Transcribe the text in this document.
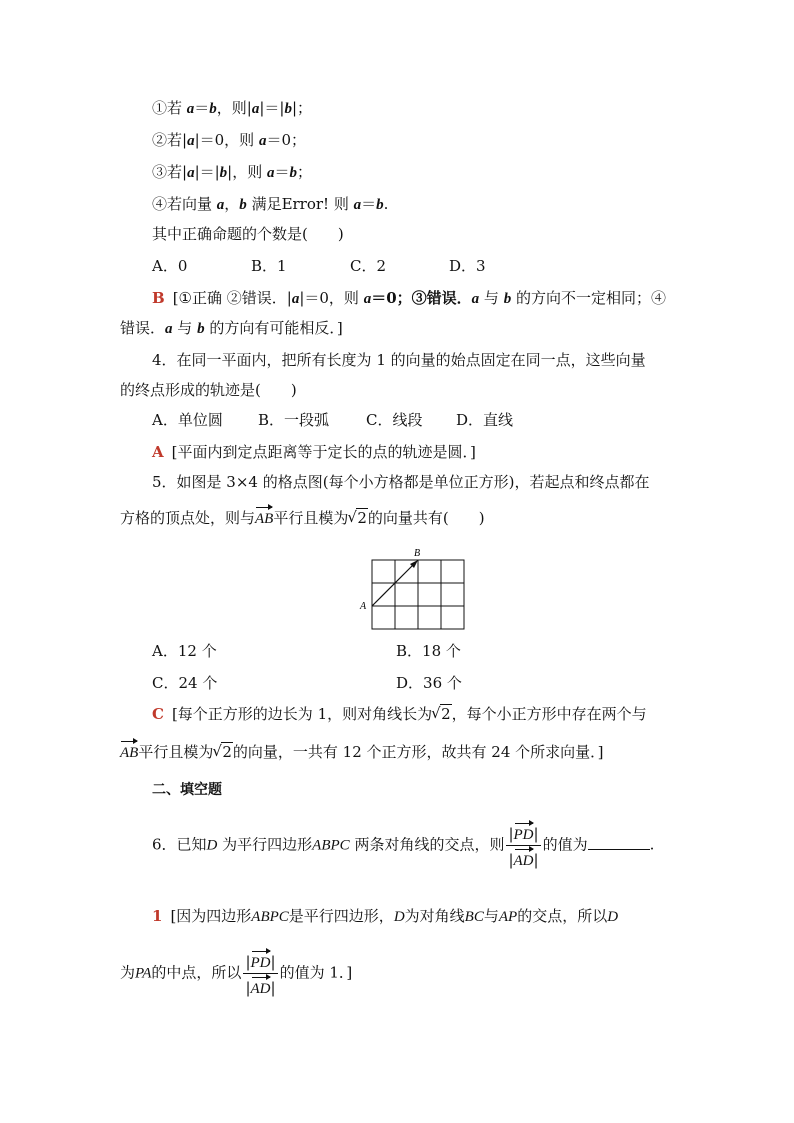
①若 a＝b，则|a|＝|b|；
②若|a|＝0，则 a＝0；
③若|a|＝|b|，则 a＝b；
④若向量 a，b 满足Error! 则 a＝b.
其中正确命题的个数是(　　)
A．0	B．1	C．2	D．3
B [①正确 ②错误．|a|＝0，则 a＝0；③错误．a 与 b 的方向不一定相同；④
错误．a 与 b 的方向有可能相反．]
4．在同一平面内，把所有长度为 1 的向量的始点固定在同一点，这些向量
的终点形成的轨迹是(　　)
A．单位圆 B．一段弧 C．线段 D．直线
A [平面内到定点距离等于定长的点的轨迹是圆．]
5．如图是 3×4 的格点图(每个小方格都是单位正方形)，若起点和终点都在
方格的顶点处，则与AB平行且模为 √ 2的向量共有(　　)
A
B
A．12 个	B．18 个
C．24 个	D．36 个
C [每个正方形的边长为 1，则对角线长为 √ 2，每个小正方形中存在两个与
AB平行且模为 √ 2的向量，一共有 12 个正方形，故共有 24 个所求向量．]
二、填空题
6．已知D 为平行四边形ABPC 两条对角线的交点，则 $\frac{|PD|}{|AD|}$ 的值为	.
1 [因为四边形ABPC是平行四边形，D为对角线BC与AP的交点，所以D
为PA的中点，所以 $\frac{|PD|}{|AD|}$ 的值为 1．]
